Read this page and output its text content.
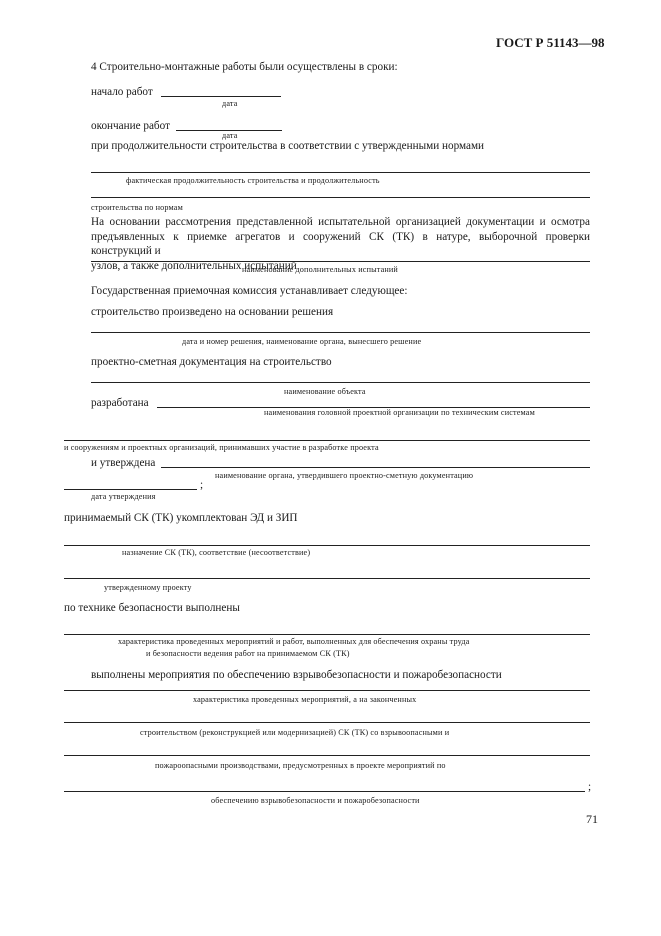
ГОСТ Р 51143—98
4 Строительно-монтажные работы были осуществлены в сроки:
начало работ
дата
окончание работ
дата
при продолжительности строительства в соответствии с утвержденными нормами
фактическая продолжительность строительства и продолжительность
строительства по нормам
На основании рассмотрения представленной испытательной организацией документации и осмотра предъявленных к приемке агрегатов и сооружений СК (ТК) в натуре, выборочной проверки конструкций и
узлов, а также дополнительных испытаний
наименование дополнительных испытаний
Государственная приемочная комиссия устанавливает следующее:
строительство произведено на основании решения
дата и номер решения, наименование органа, вынесшего решение
проектно-сметная документация на строительство
наименование объекта
разработана
наименования головной проектной организации по техническим системам
и сооружениям и проектных организаций, принимавших участие в разработке проекта
и утверждена
наименование органа, утвердившего проектно-сметную документацию
;
дата утверждения
принимаемый СК (ТК) укомплектован ЭД и ЗИП
назначение СК (ТК), соответствие (несоответствие)
утвержденному проекту
по технике безопасности выполнены
характеристика проведенных мероприятий и работ, выполненных для обеспечения охраны труда
и безопасности ведения работ на принимаемом СК (ТК)
выполнены мероприятия по обеспечению взрывобезопасности и пожаробезопасности
характеристика проведенных мероприятий, а на законченных
строительством (реконструкцией или модернизацией) СК (ТК) со взрывоопасными и
пожароопасными производствами, предусмотренных в проекте мероприятий по
;
обеспечению взрывобезопасности и пожаробезопасности
71
